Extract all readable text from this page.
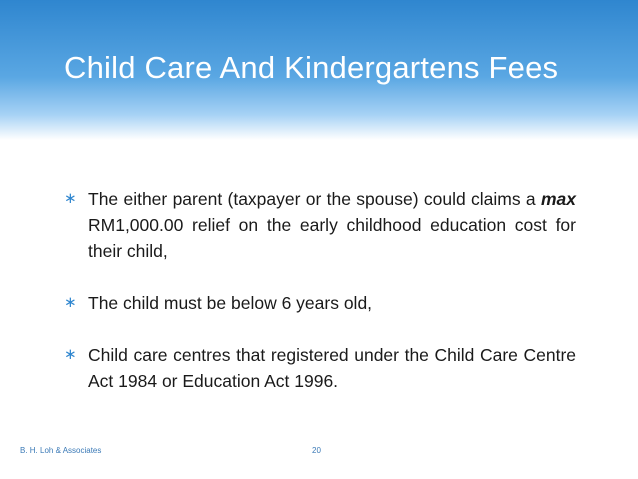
Child Care And Kindergartens Fees
∗ The either parent (taxpayer or the spouse) could claims a max RM1,000.00 relief on the early childhood education cost for their child,
∗ The child must be below 6 years old,
∗ Child care centres that registered under the Child Care Centre Act 1984 or Education Act 1996.
B. H. Loh & Associates	20
